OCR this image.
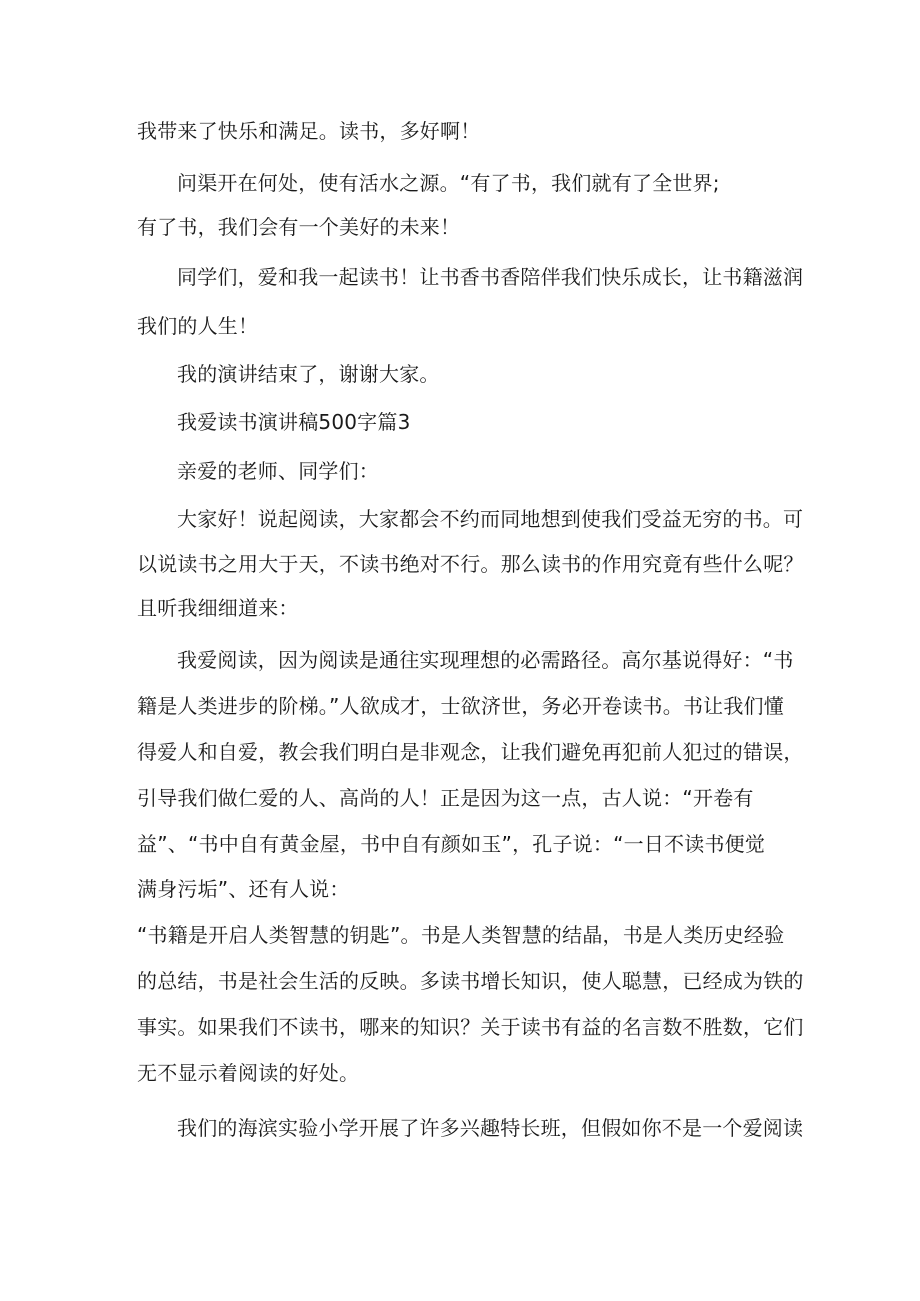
我带来了快乐和满足。读书，多好啊！
问渠开在何处，使有活水之源。“有了书，我们就有了全世界;
有了书，我们会有一个美好的未来！
同学们，爱和我一起读书！让书香书香陪伴我们快乐成长，让书籍滋润
我们的人生！
我的演讲结束了，谢谢大家。
我爱读书演讲稿500字篇3
亲爱的老师、同学们：
大家好！说起阅读，大家都会不约而同地想到使我们受益无穷的书。可
以说读书之用大于天，不读书绝对不行。那么读书的作用究竟有些什么呢？
且听我细细道来：
我爱阅读，因为阅读是通往实现理想的必需路径。高尔基说得好：“书
籍是人类进步的阶梯。”人欲成才，士欲济世，务必开卷读书。书让我们懂
得爱人和自爱，教会我们明白是非观念，让我们避免再犯前人犯过的错误，
引导我们做仁爱的人、高尚的人！正是因为这一点，古人说：“开卷有
益”、“书中自有黄金屋，书中自有颜如玉”，孔子说：“一日不读书便觉
满身污垢”、还有人说：
“书籍是开启人类智慧的钥匙”。书是人类智慧的结晶，书是人类历史经验
的总结，书是社会生活的反映。多读书增长知识，使人聪慧，已经成为铁的
事实。如果我们不读书，哪来的知识？关于读书有益的名言数不胜数，它们
无不显示着阅读的好处。
我们的海滨实验小学开展了许多兴趣特长班，但假如你不是一个爱阅读
